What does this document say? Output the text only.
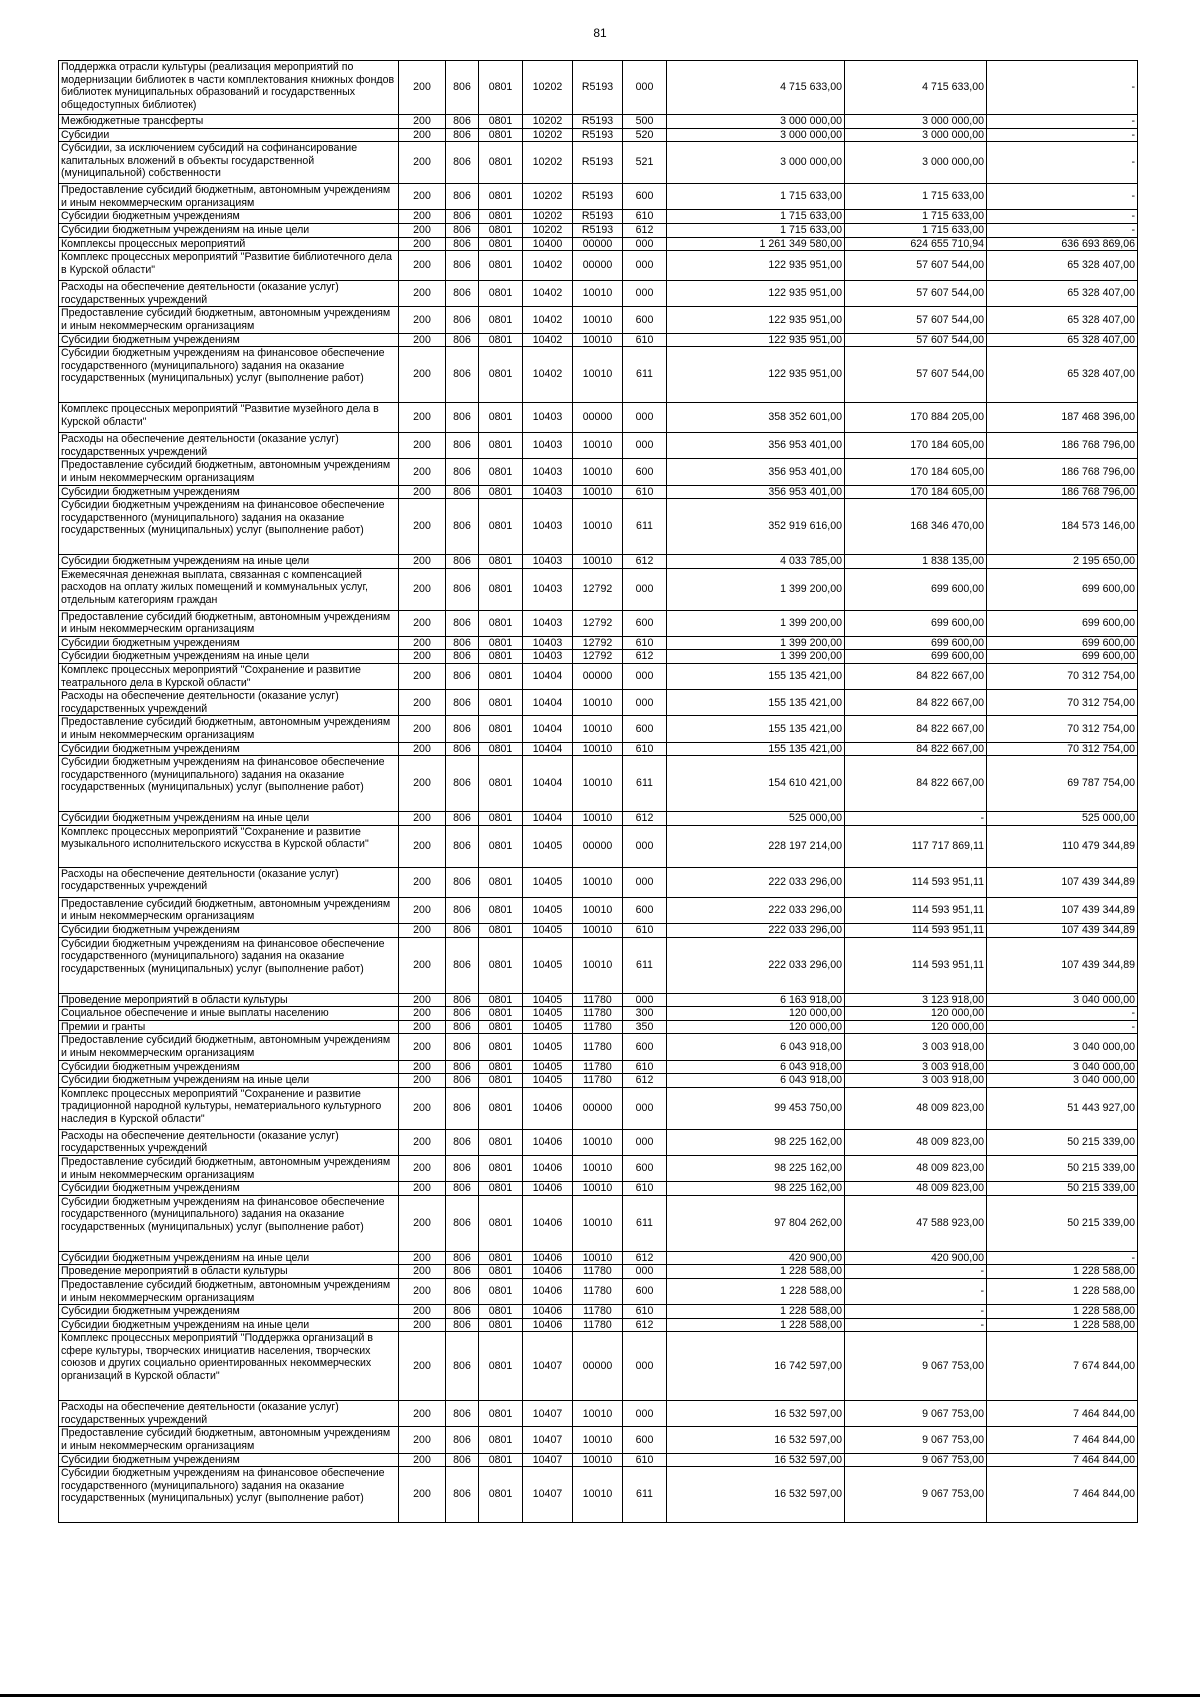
81
Поддержка отрасли культуры (реализация мероприятий по модернизации библиотек в части комплектования книжных фондов библиотек муниципальных образований и государственных общедоступных библиотек)	200	806	0801	10202	R5193	000	4 715 633,00	4 715 633,00	-
Межбюджетные трансферты	200	806	0801	10202	R5193	500	3 000 000,00	3 000 000,00	-
Субсидии	200	806	0801	10202	R5193	520	3 000 000,00	3 000 000,00	-
Субсидии, за исключением субсидий на софинансирование капитальных вложений в объекты государственной (муниципальной) собственности	200	806	0801	10202	R5193	521	3 000 000,00	3 000 000,00	-
Предоставление субсидий бюджетным, автономным учреждениям и иным некоммерческим организациям	200	806	0801	10202	R5193	600	1 715 633,00	1 715 633,00	-
Субсидии бюджетным учреждениям	200	806	0801	10202	R5193	610	1 715 633,00	1 715 633,00	-
Субсидии бюджетным учреждениям на иные цели	200	806	0801	10202	R5193	612	1 715 633,00	1 715 633,00	-
Комплексы процессных мероприятий	200	806	0801	10400	00000	000	1 261 349 580,00	624 655 710,94	636 693 869,06
Комплекс процессных мероприятий "Развитие библиотечного дела в Курской области"	200	806	0801	10402	00000	000	122 935 951,00	57 607 544,00	65 328 407,00
Расходы на обеспечение деятельности (оказание услуг) государственных учреждений	200	806	0801	10402	10010	000	122 935 951,00	57 607 544,00	65 328 407,00
Предоставление субсидий бюджетным, автономным учреждениям и иным некоммерческим организациям	200	806	0801	10402	10010	600	122 935 951,00	57 607 544,00	65 328 407,00
Субсидии бюджетным учреждениям	200	806	0801	10402	10010	610	122 935 951,00	57 607 544,00	65 328 407,00
Субсидии бюджетным учреждениям на финансовое обеспечение государственного (муниципального) задания на оказание государственных (муниципальных) услуг (выполнение работ)	200	806	0801	10402	10010	611	122 935 951,00	57 607 544,00	65 328 407,00
Комплекс процессных мероприятий "Развитие музейного дела в Курской области"	200	806	0801	10403	00000	000	358 352 601,00	170 884 205,00	187 468 396,00
Расходы на обеспечение деятельности (оказание услуг) государственных учреждений	200	806	0801	10403	10010	000	356 953 401,00	170 184 605,00	186 768 796,00
Предоставление субсидий бюджетным, автономным учреждениям и иным некоммерческим организациям	200	806	0801	10403	10010	600	356 953 401,00	170 184 605,00	186 768 796,00
Субсидии бюджетным учреждениям	200	806	0801	10403	10010	610	356 953 401,00	170 184 605,00	186 768 796,00
Субсидии бюджетным учреждениям на финансовое обеспечение государственного (муниципального) задания на оказание государственных (муниципальных) услуг (выполнение работ)	200	806	0801	10403	10010	611	352 919 616,00	168 346 470,00	184 573 146,00
Субсидии бюджетным учреждениям на иные цели	200	806	0801	10403	10010	612	4 033 785,00	1 838 135,00	2 195 650,00
Ежемесячная денежная выплата, связанная с компенсацией расходов на оплату жилых помещений и коммунальных услуг, отдельным категориям граждан	200	806	0801	10403	12792	000	1 399 200,00	699 600,00	699 600,00
Предоставление субсидий бюджетным, автономным учреждениям и иным некоммерческим организациям	200	806	0801	10403	12792	600	1 399 200,00	699 600,00	699 600,00
Субсидии бюджетным учреждениям	200	806	0801	10403	12792	610	1 399 200,00	699 600,00	699 600,00
Субсидии бюджетным учреждениям на иные цели	200	806	0801	10403	12792	612	1 399 200,00	699 600,00	699 600,00
Комплекс процессных мероприятий "Сохранение и развитие театрального дела в Курской области"	200	806	0801	10404	00000	000	155 135 421,00	84 822 667,00	70 312 754,00
Расходы на обеспечение деятельности (оказание услуг) государственных учреждений	200	806	0801	10404	10010	000	155 135 421,00	84 822 667,00	70 312 754,00
Предоставление субсидий бюджетным, автономным учреждениям и иным некоммерческим организациям	200	806	0801	10404	10010	600	155 135 421,00	84 822 667,00	70 312 754,00
Субсидии бюджетным учреждениям	200	806	0801	10404	10010	610	155 135 421,00	84 822 667,00	70 312 754,00
Субсидии бюджетным учреждениям на финансовое обеспечение государственного (муниципального) задания на оказание государственных (муниципальных) услуг (выполнение работ)	200	806	0801	10404	10010	611	154 610 421,00	84 822 667,00	69 787 754,00
Субсидии бюджетным учреждениям на иные цели	200	806	0801	10404	10010	612	525 000,00	-	525 000,00
Комплекс процессных мероприятий "Сохранение и развитие музыкального исполнительского искусства в Курской области"	200	806	0801	10405	00000	000	228 197 214,00	117 717 869,11	110 479 344,89
Расходы на обеспечение деятельности (оказание услуг) государственных учреждений	200	806	0801	10405	10010	000	222 033 296,00	114 593 951,11	107 439 344,89
Предоставление субсидий бюджетным, автономным учреждениям и иным некоммерческим организациям	200	806	0801	10405	10010	600	222 033 296,00	114 593 951,11	107 439 344,89
Субсидии бюджетным учреждениям	200	806	0801	10405	10010	610	222 033 296,00	114 593 951,11	107 439 344,89
Субсидии бюджетным учреждениям на финансовое обеспечение государственного (муниципального) задания на оказание государственных (муниципальных) услуг (выполнение работ)	200	806	0801	10405	10010	611	222 033 296,00	114 593 951,11	107 439 344,89
Проведение мероприятий в области культуры	200	806	0801	10405	11780	000	6 163 918,00	3 123 918,00	3 040 000,00
Социальное обеспечение и иные выплаты населению	200	806	0801	10405	11780	300	120 000,00	120 000,00	-
Премии и гранты	200	806	0801	10405	11780	350	120 000,00	120 000,00	-
Предоставление субсидий бюджетным, автономным учреждениям и иным некоммерческим организациям	200	806	0801	10405	11780	600	6 043 918,00	3 003 918,00	3 040 000,00
Субсидии бюджетным учреждениям	200	806	0801	10405	11780	610	6 043 918,00	3 003 918,00	3 040 000,00
Субсидии бюджетным учреждениям на иные цели	200	806	0801	10405	11780	612	6 043 918,00	3 003 918,00	3 040 000,00
Комплекс процессных мероприятий "Сохранение и развитие традиционной народной культуры, нематериального культурного наследия в Курской области"	200	806	0801	10406	00000	000	99 453 750,00	48 009 823,00	51 443 927,00
Расходы на обеспечение деятельности (оказание услуг) государственных учреждений	200	806	0801	10406	10010	000	98 225 162,00	48 009 823,00	50 215 339,00
Предоставление субсидий бюджетным, автономным учреждениям и иным некоммерческим организациям	200	806	0801	10406	10010	600	98 225 162,00	48 009 823,00	50 215 339,00
Субсидии бюджетным учреждениям	200	806	0801	10406	10010	610	98 225 162,00	48 009 823,00	50 215 339,00
Субсидии бюджетным учреждениям на финансовое обеспечение государственного (муниципального) задания на оказание государственных (муниципальных) услуг (выполнение работ)	200	806	0801	10406	10010	611	97 804 262,00	47 588 923,00	50 215 339,00
Субсидии бюджетным учреждениям на иные цели	200	806	0801	10406	10010	612	420 900,00	420 900,00	-
Проведение мероприятий в области культуры	200	806	0801	10406	11780	000	1 228 588,00	-	1 228 588,00
Предоставление субсидий бюджетным, автономным учреждениям и иным некоммерческим организациям	200	806	0801	10406	11780	600	1 228 588,00	-	1 228 588,00
Субсидии бюджетным учреждениям	200	806	0801	10406	11780	610	1 228 588,00	-	1 228 588,00
Субсидии бюджетным учреждениям на иные цели	200	806	0801	10406	11780	612	1 228 588,00	-	1 228 588,00
Комплекс процессных мероприятий "Поддержка организаций в сфере культуры, творческих инициатив населения, творческих союзов и других социально ориентированных некоммерческих организаций в Курской области"	200	806	0801	10407	00000	000	16 742 597,00	9 067 753,00	7 674 844,00
Расходы на обеспечение деятельности (оказание услуг) государственных учреждений	200	806	0801	10407	10010	000	16 532 597,00	9 067 753,00	7 464 844,00
Предоставление субсидий бюджетным, автономным учреждениям и иным некоммерческим организациям	200	806	0801	10407	10010	600	16 532 597,00	9 067 753,00	7 464 844,00
Субсидии бюджетным учреждениям	200	806	0801	10407	10010	610	16 532 597,00	9 067 753,00	7 464 844,00
Субсидии бюджетным учреждениям на финансовое обеспечение государственного (муниципального) задания на оказание государственных (муниципальных) услуг (выполнение работ)	200	806	0801	10407	10010	611	16 532 597,00	9 067 753,00	7 464 844,00
